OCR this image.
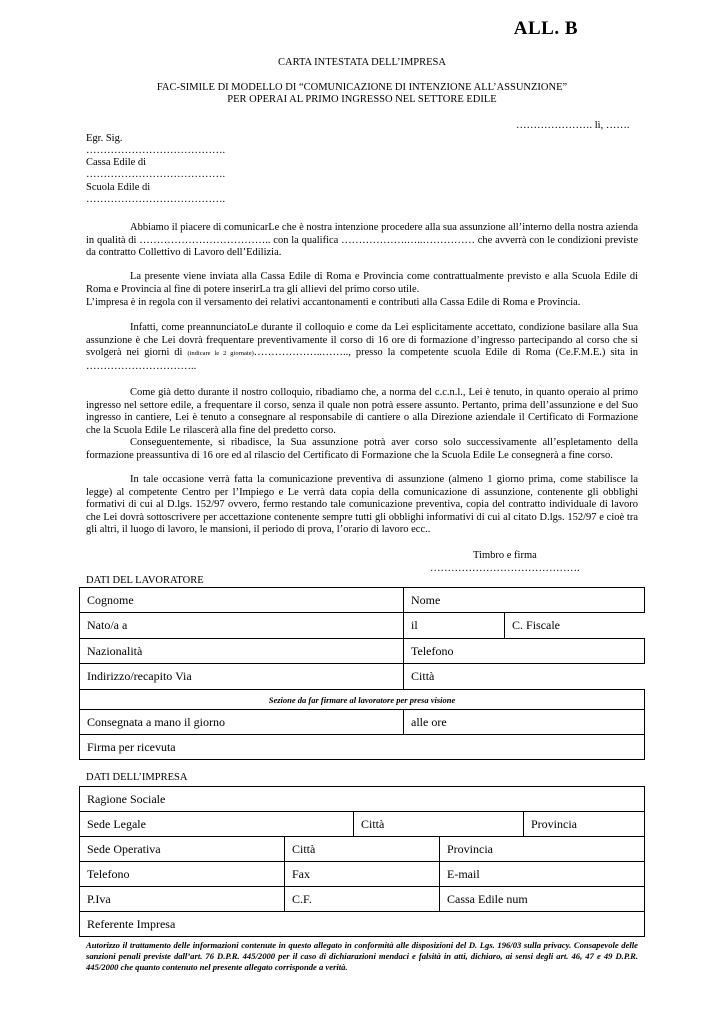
ALL. B
CARTA INTESTATA DELL’IMPRESA
FAC-SIMILE DI MODELLO DI “COMUNICAZIONE DI INTENZIONE ALL’ASSUNZIONE”
PER OPERAI AL PRIMO INGRESSO NEL SETTORE EDILE
…………………. lì, …….
Egr. Sig.
………………………………….
Cassa Edile di
………………………………….
Scuola Edile di
………………………………….

Abbiamo il piacere di comunicarLe che è nostra intenzione procedere alla sua assunzione all’interno della nostra azienda in qualità di ……………………………….. con la qualifica ……………….…..…………… che avverrà con le condizioni previste da contratto Collettivo di Lavoro dell’Edilizia.

La presente viene inviata alla Cassa Edile di Roma e Provincia come contrattualmente previsto e alla Scuola Edile di Roma e Provincia al fine di potere inserirLa tra gli allievi del primo corso utile.

L’impresa è in regola con il versamento dei relativi accantonamenti e contributi alla Cassa Edile di Roma e Provincia.

Infatti, come preannunciatoLe durante il colloquio e come da Lei esplicitamente accettato, condizione basilare alla Sua assunzione è che Lei dovrà frequentare preventivamente il corso di 16 ore di formazione d’ingresso partecipando al corso che si svolgerà nei giorni di (indicare le 2 giornate)………………..…….., presso la competente scuola Edile di Roma (Ce.F.M.E.) sita in …………………………..

Come già detto durante il nostro colloquio, ribadiamo che, a norma del c.c.n.l., Lei è tenuto, in quanto operaio al primo ingresso nel settore edile, a frequentare il corso, senza il quale non potrà essere assunto. Pertanto, prima dell’assunzione e del Suo ingresso in cantiere, Lei è tenuto a consegnare al responsabile di cantiere o alla Direzione aziendale il Certificato di Formazione che la Scuola Edile Le rilascerà alla fine del predetto corso.

Conseguentemente, si ribadisce, la Sua assunzione potrà aver corso solo successivamente all’espletamento della formazione preassuntiva di 16 ore ed al rilascio del Certificato di Formazione che la Scuola Edile Le consegnerà a fine corso.

In tale occasione verrà fatta la comunicazione preventiva di assunzione (almeno 1 giorno prima, come stabilisce la legge) al competente Centro per l’Impiego e Le verrà data copia della comunicazione di assunzione, contenente gli obblighi formativi di cui al D.lgs. 152/97 ovvero, fermo restando tale comunicazione preventiva, copia del contratto individuale di lavoro che Lei dovrà sottoscrivere per accettazione contenente sempre tutti gli obblighi informativi di cui al citato D.lgs. 152/97 e cioè tra gli altri, il luogo di lavoro, le mansioni, il periodo di prova, l’orario di lavoro ecc..

Timbro e firma
…………………………………….
DATI DEL LAVORATORE
Cognome	Nome
Nato/a a		il	C. Fiscale

Nazionalità	Telefono
Indirizzo/recapito Via		Città

Sezione da far firmare al lavoratore per presa visione
Consegnata a mano il giorno	alle ore
Firma per ricevuta
DATI DELL’IMPRESA
Ragione Sociale				
Sede Legale		Città		Provincia
Sede Operativa	Città		Provincia	
Telefono	Fax		E-mail	
P.Iva	C.F.		Cassa Edile num	
Referente Impresa				

Autorizzo il trattamento delle informazioni contenute in questo allegato in conformità alle disposizioni del D. Lgs. 196/03 sulla privacy. Consapevole delle sanzioni penali previste dall’art. 76 D.P.R. 445/2000 per il caso di dichiarazioni mendaci e falsità in atti, dichiaro, ai sensi degli art. 46, 47 e 49 D.P.R. 445/2000 che quanto contenuto nel presente allegato corrisponde a verità.
